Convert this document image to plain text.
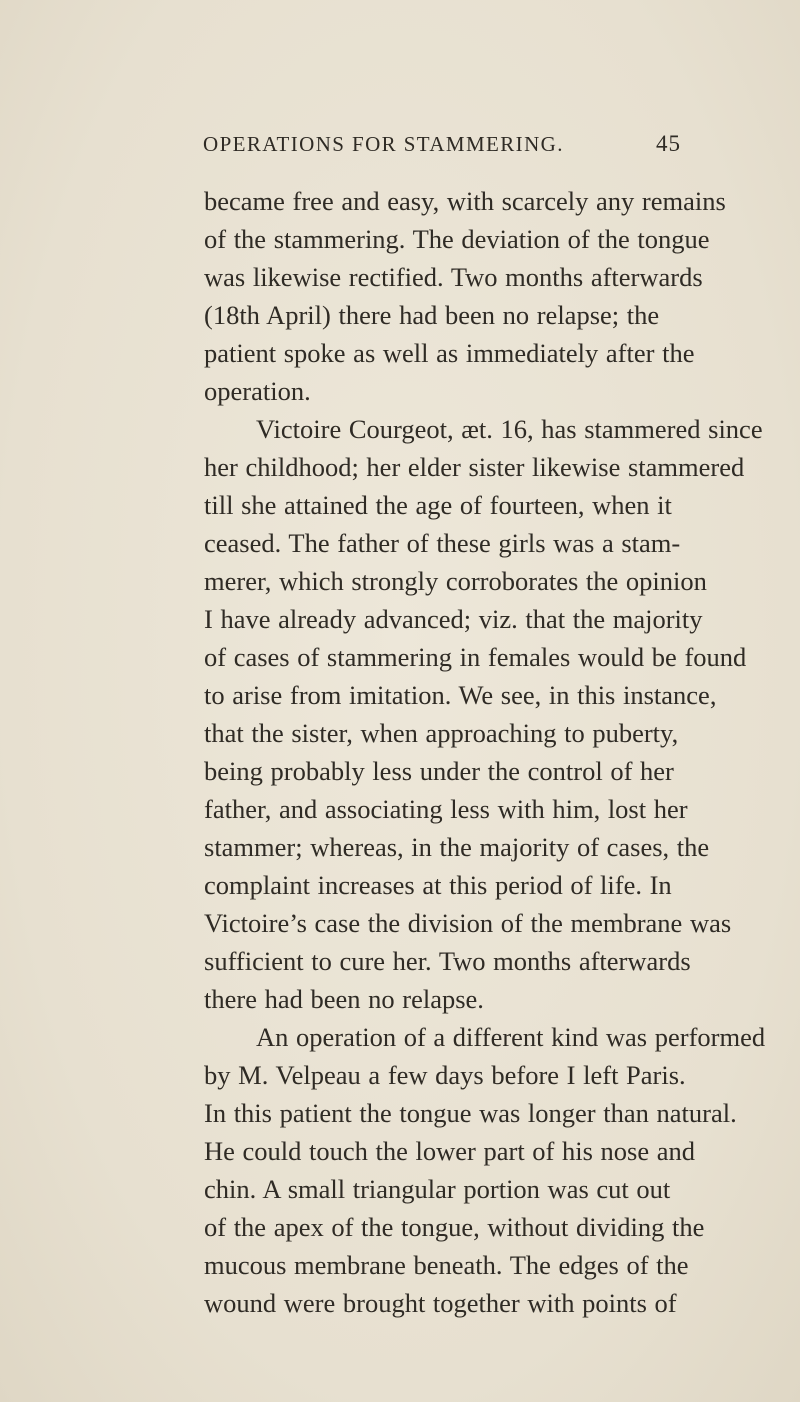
OPERATIONS FOR STAMMERING.	45
became free and easy, with scarcely any remains
of the stammering. The deviation of the tongue
was likewise rectified. Two months afterwards
(18th April) there had been no relapse; the
patient spoke as well as immediately after the
operation.
Victoire Courgeot, æt. 16, has stammered since
her childhood; her elder sister likewise stammered
till she attained the age of fourteen, when it
ceased. The father of these girls was a stam-
merer, which strongly corroborates the opinion
I have already advanced; viz. that the majority
of cases of stammering in females would be found
to arise from imitation. We see, in this instance,
that the sister, when approaching to puberty,
being probably less under the control of her
father, and associating less with him, lost her
stammer; whereas, in the majority of cases, the
complaint increases at this period of life. In
Victoire’s case the division of the membrane was
sufficient to cure her. Two months afterwards
there had been no relapse.
An operation of a different kind was performed
by M. Velpeau a few days before I left Paris.
In this patient the tongue was longer than natural.
He could touch the lower part of his nose and
chin. A small triangular portion was cut out
of the apex of the tongue, without dividing the
mucous membrane beneath. The edges of the
wound were brought together with points of
